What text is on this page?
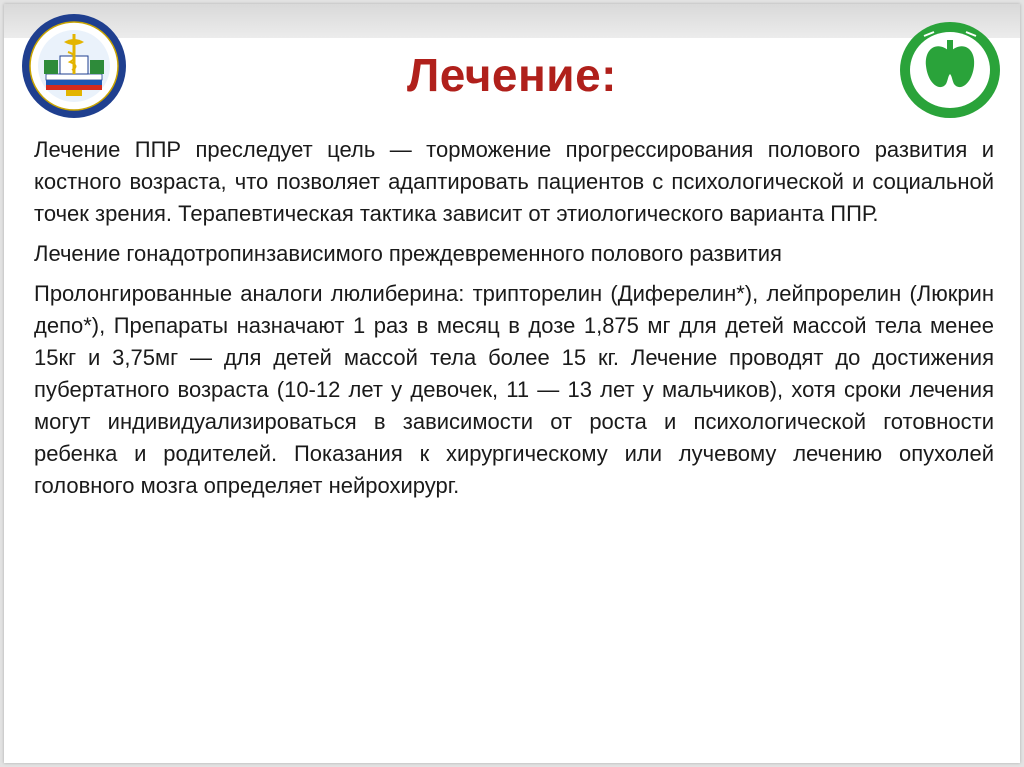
Лечение:

Лечение ППР преследует цель — торможение прогрессирования полового развития и костного возраста, что позволяет адаптировать пациентов с психологической и социальной точек зрения. Терапевтическая тактика зависит от этиологического варианта ППР.

Лечение гонадотропинзависимого преждевременного полового развития

Пролонгированные аналоги люлиберина: трипторелин (Диферелин*), лейпрорелин (Люкрин депо*), Препараты назначают 1 раз в месяц в дозе 1,875 мг для детей массой тела менее 15кг и 3,75мг — для детей массой тела более 15 кг. Лечение проводят до достижения пубертатного возраста (10-12 лет у девочек, 11 — 13 лет у мальчиков), хотя сроки лечения могут индивидуализироваться в зависимости от роста и психологической готовности ребенка и родителей. Показания к хирургическому или лучевому лечению опухолей головного мозга определяет нейрохирург.
